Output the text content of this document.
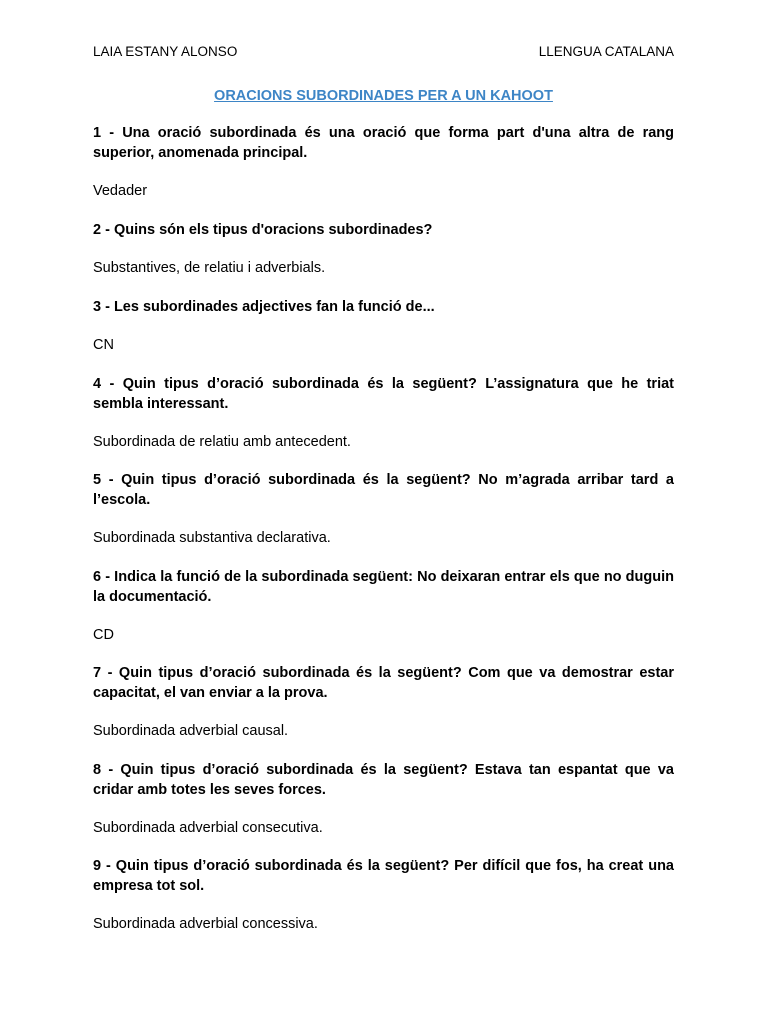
LAIA ESTANY ALONSO	LLENGUA CATALANA
ORACIONS SUBORDINADES PER A UN KAHOOT

1 - Una oració subordinada és una oració que forma part d'una altra de rang superior, anomenada principal.

Vedader

2 - Quins són els tipus d'oracions subordinades?

Substantives, de relatiu i adverbials.

3 - Les subordinades adjectives fan la funció de...

CN

4 - Quin tipus d’oració subordinada és la següent? L’assignatura que he triat sembla interessant.

Subordinada de relatiu amb antecedent.

5 - Quin tipus d’oració subordinada és la següent? No m’agrada arribar tard a l’escola.

Subordinada substantiva declarativa.

6 - Indica la funció de la subordinada següent: No deixaran entrar els que no duguin la documentació.

CD

7 - Quin tipus d’oració subordinada és la següent? Com que va demostrar estar capacitat, el van enviar a la prova.

Subordinada adverbial causal.

8 - Quin tipus d’oració subordinada és la següent? Estava tan espantat que va cridar amb totes les seves forces.

Subordinada adverbial consecutiva.

9 - Quin tipus d’oració subordinada és la següent? Per difícil que fos, ha creat una empresa tot sol.

Subordinada adverbial concessiva.
